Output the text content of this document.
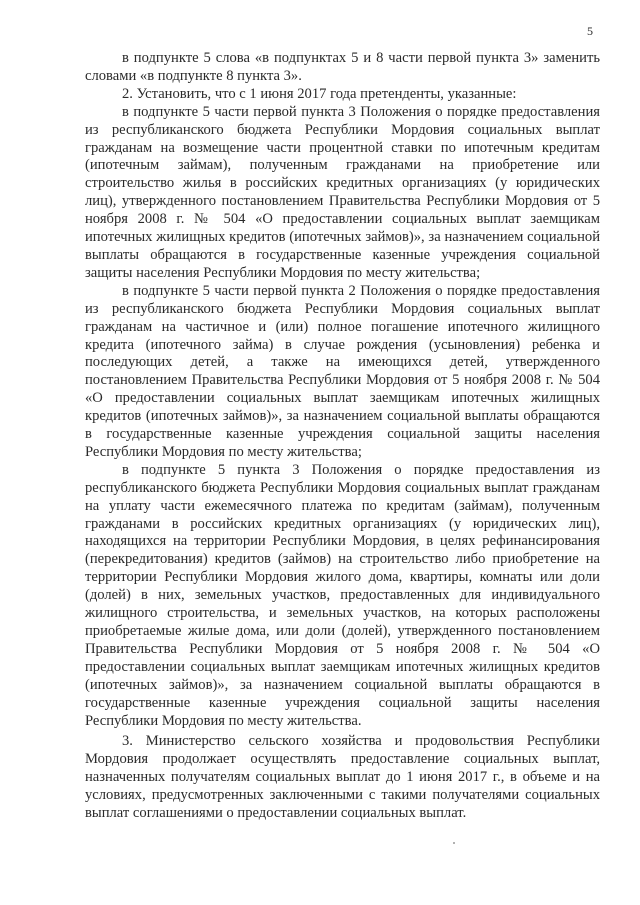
5

в подпункте 5 слова «в подпунктах 5 и 8 части первой пункта 3» заменить словами «в подпункте 8 пункта 3».

2. Установить, что с 1 июня 2017 года претенденты, указанные:

в подпункте 5 части первой пункта 3 Положения о порядке предоставления из республиканского бюджета Республики Мордовия социальных выплат гражданам на возмещение части процентной ставки по ипотечным кредитам (ипотечным займам), полученным гражданами на приобретение или строительство жилья в российских кредитных организациях (у юридических лиц), утвержденного постановлением Правительства Республики Мордовия от 5 ноября 2008 г. № 504 «О предоставлении социальных выплат заемщикам ипотечных жилищных кредитов (ипотечных займов)», за назначением социальной выплаты обращаются в государственные казенные учреждения социальной защиты населения Республики Мордовия по месту жительства;

в подпункте 5 части первой пункта 2 Положения о порядке предоставления из республиканского бюджета Республики Мордовия социальных выплат гражданам на частичное и (или) полное погашение ипотечного жилищного кредита (ипотечного займа) в случае рождения (усыновления) ребенка и последующих детей, а также на имеющихся детей, утвержденного постановлением Правительства Республики Мордовия от 5 ноября 2008 г. № 504 «О предоставлении социальных выплат заемщикам ипотечных жилищных кредитов (ипотечных займов)», за назначением социальной выплаты обращаются в государственные казенные учреждения социальной защиты населения Республики Мордовия по месту жительства;

в подпункте 5 пункта 3 Положения о порядке предоставления из республиканского бюджета Республики Мордовия социальных выплат гражданам на уплату части ежемесячного платежа по кредитам (займам), полученным гражданами в российских кредитных организациях (у юридических лиц), находящихся на территории Республики Мордовия, в целях рефинансирования (перекредитования) кредитов (займов) на строительство либо приобретение на территории Республики Мордовия жилого дома, квартиры, комнаты или доли (долей) в них, земельных участков, предоставленных для индивидуального жилищного строительства, и земельных участков, на которых расположены приобретаемые жилые дома, или доли (долей), утвержденного постановлением Правительства Республики Мордовия от 5 ноября 2008 г. № 504 «О предоставлении социальных выплат заемщикам ипотечных жилищных кредитов (ипотечных займов)», за назначением социальной выплаты обращаются в государственные казенные учреждения социальной защиты населения Республики Мордовия по месту жительства.

3. Министерство сельского хозяйства и продовольствия Республики Мордовия продолжает осуществлять предоставление социальных выплат, назначенных получателям социальных выплат до 1 июня 2017 г., в объеме и на условиях, предусмотренных заключенными с такими получателями социальных выплат соглашениями о предоставлении социальных выплат.
